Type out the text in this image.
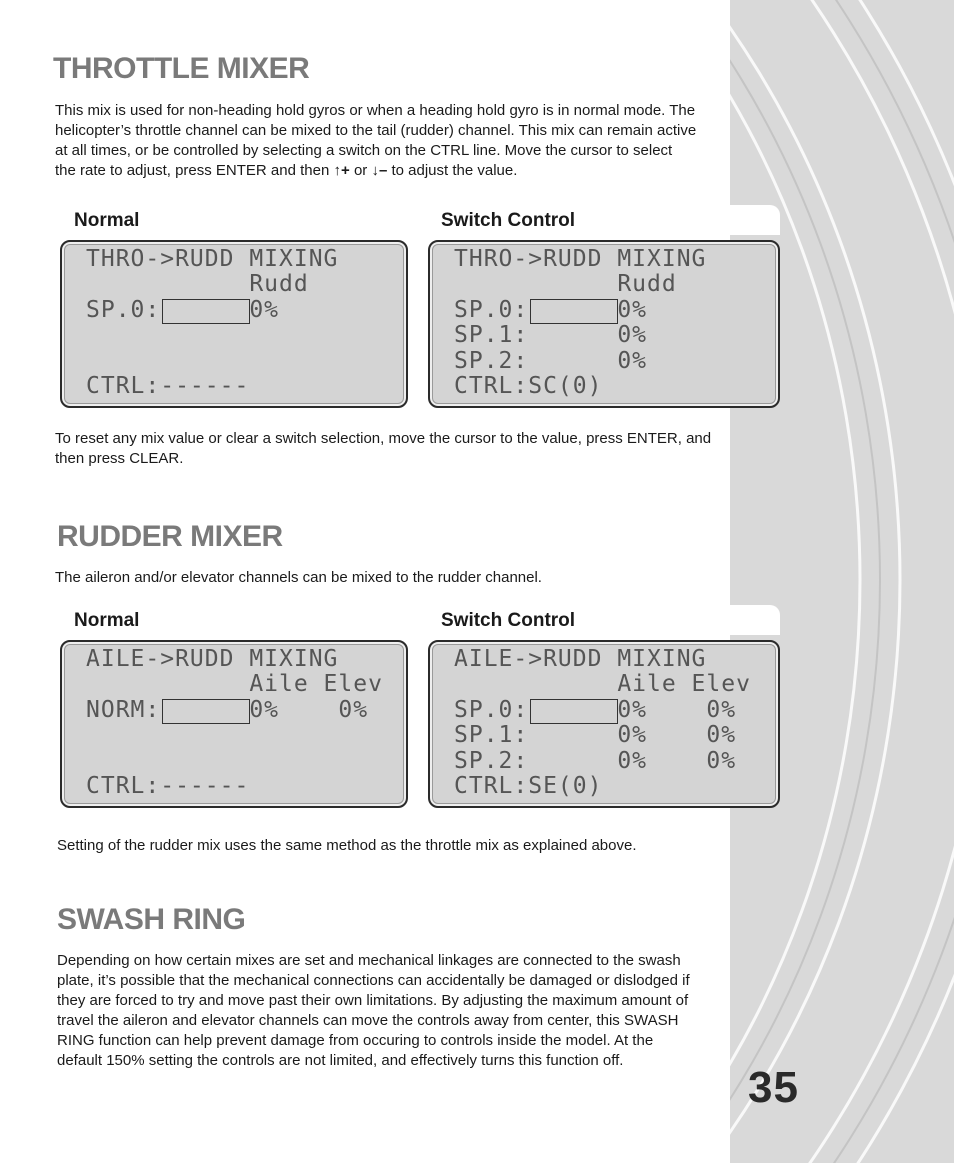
35
THROTTLE MIXER

This mix is used for non-heading hold gyros or when a heading hold gyro is in normal mode. The helicopter’s throttle channel can be mixed to the tail (rudder) channel. This mix can remain active at all times, or be controlled by selecting a switch on the CTRL line. Move the cursor to select the rate to adjust, press ENTER and then ↑+ or ↓– to adjust the value.

Normal	Switch Control
THRO->RUDD MIXING
Rudd
SP.0:      0%
CTRL:------
THRO->RUDD MIXING
Rudd
SP.0:      0%
SP.1:      0%
SP.2:      0%
CTRL:SC(0)

To reset any mix value or clear a switch selection, move the cursor to the value, press ENTER, and then press CLEAR.

RUDDER MIXER

The aileron and/or elevator channels can be mixed to the rudder channel.

Normal	Switch Control
AILE->RUDD MIXING
Aile Elev
NORM:      0%    0%
CTRL:------
AILE->RUDD MIXING
Aile Elev
SP.0:      0%    0%
SP.1:      0%    0%
SP.2:      0%    0%
CTRL:SE(0)

Setting of the rudder mix uses the same method as the throttle mix as explained above.

SWASH RING

Depending on how certain mixes are set and mechanical linkages are connected to the swash plate, it’s possible that the mechanical connections can accidentally be damaged or dislodged if they are forced to try and move past their own limitations. By adjusting the maximum amount of travel the aileron and elevator channels can move the controls away from center, this SWASH RING function can help prevent damage from occuring to controls inside the model. At the default 150% setting the controls are not limited, and effectively turns this function off.
